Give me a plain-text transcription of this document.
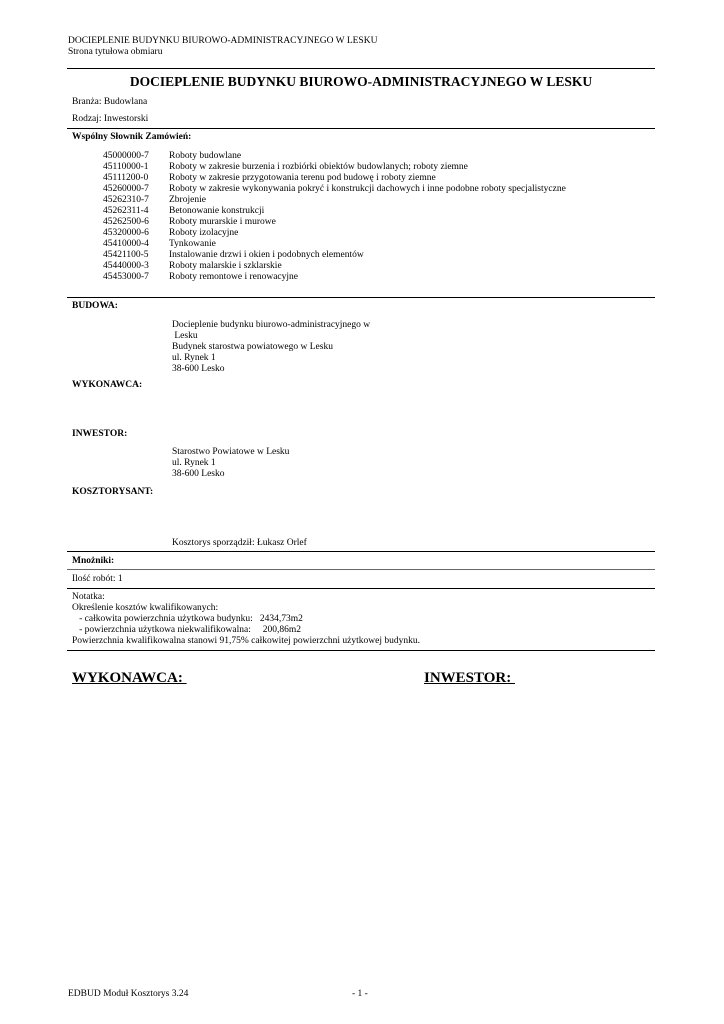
DOCIEPLENIE BUDYNKU BIUROWO-ADMINISTRACYJNEGO W LESKU
Strona tytułowa obmiaru
DOCIEPLENIE BUDYNKU BIUROWO-ADMINISTRACYJNEGO W LESKU
Branża: Budowlana
Rodzaj: Inwestorski
Wspólny Słownik Zamówień:
45000000-7 Roboty budowlane
45110000-1 Roboty w zakresie burzenia i rozbiórki obiektów budowlanych; roboty ziemne
45111200-0 Roboty w zakresie przygotowania terenu pod budowę i roboty ziemne
45260000-7 Roboty w zakresie wykonywania pokryć i konstrukcji dachowych i inne podobne roboty specjalistyczne
45262310-7 Zbrojenie
45262311-4 Betonowanie konstrukcji
45262500-6 Roboty murarskie i murowe
45320000-6 Roboty izolacyjne
45410000-4 Tynkowanie
45421100-5 Instalowanie drzwi i okien i podobnych elementów
45440000-3 Roboty malarskie i szklarskie
45453000-7 Roboty remontowe i renowacyjne
BUDOWA:
Docieplenie budynku biurowo-administracyjnego w
Lesku
Budynek starostwa powiatowego w Lesku
ul. Rynek 1
38-600 Lesko
WYKONAWCA:
INWESTOR:
Starostwo Powiatowe w Lesku
ul. Rynek 1
38-600 Lesko
KOSZTORYSANT:
Kosztorys sporządził: Łukasz Orlef
Mnożniki:
Ilość robót: 1
Notatka:
Określenie kosztów kwalifikowanych:
- całkowita powierzchnia użytkowa budynku:   2434,73m2
- powierzchnia użytkowa niekwalifikowalna:     200,86m2
Powierzchnia kwalifikowalna stanowi 91,75% całkowitej powierzchni użytkowej budynku.
WYKONAWCA:	INWESTOR:
EDBUD Moduł Kosztorys 3.24	- 1 -
